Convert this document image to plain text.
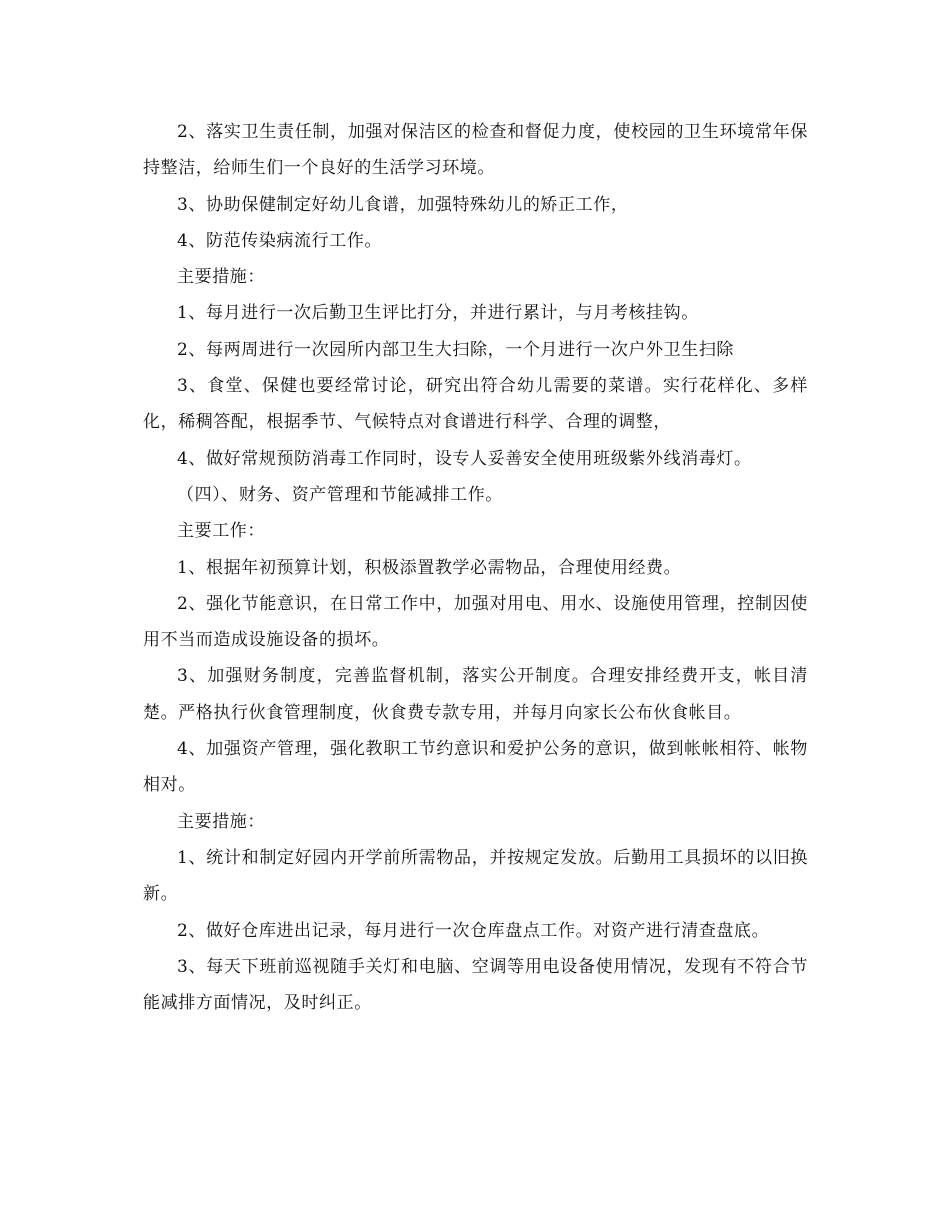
2、落实卫生责任制，加强对保洁区的检查和督促力度，使校园的卫生环境常年保持整洁，给师生们一个良好的生活学习环境。

3、协助保健制定好幼儿食谱，加强特殊幼儿的矫正工作，

4、防范传染病流行工作。

主要措施：

1、每月进行一次后勤卫生评比打分，并进行累计，与月考核挂钩。

2、每两周进行一次园所内部卫生大扫除，一个月进行一次户外卫生扫除

3、食堂、保健也要经常讨论，研究出符合幼儿需要的菜谱。实行花样化、多样化，稀稠答配，根据季节、气候特点对食谱进行科学、合理的调整，

4、做好常规预防消毒工作同时，设专人妥善安全使用班级紫外线消毒灯。

（四）、财务、资产管理和节能减排工作。

主要工作：

1、根据年初预算计划，积极添置教学必需物品，合理使用经费。

2、强化节能意识，在日常工作中，加强对用电、用水、设施使用管理，控制因使用不当而造成设施设备的损坏。

3、加强财务制度，完善监督机制，落实公开制度。合理安排经费开支，帐目清楚。严格执行伙食管理制度，伙食费专款专用，并每月向家长公布伙食帐目。

4、加强资产管理，强化教职工节约意识和爱护公务的意识，做到帐帐相符、帐物相对。

主要措施：

1、统计和制定好园内开学前所需物品，并按规定发放。后勤用工具损坏的以旧换新。

2、做好仓库进出记录，每月进行一次仓库盘点工作。对资产进行清查盘底。

3、每天下班前巡视随手关灯和电脑、空调等用电设备使用情况，发现有不符合节能减排方面情况，及时纠正。
